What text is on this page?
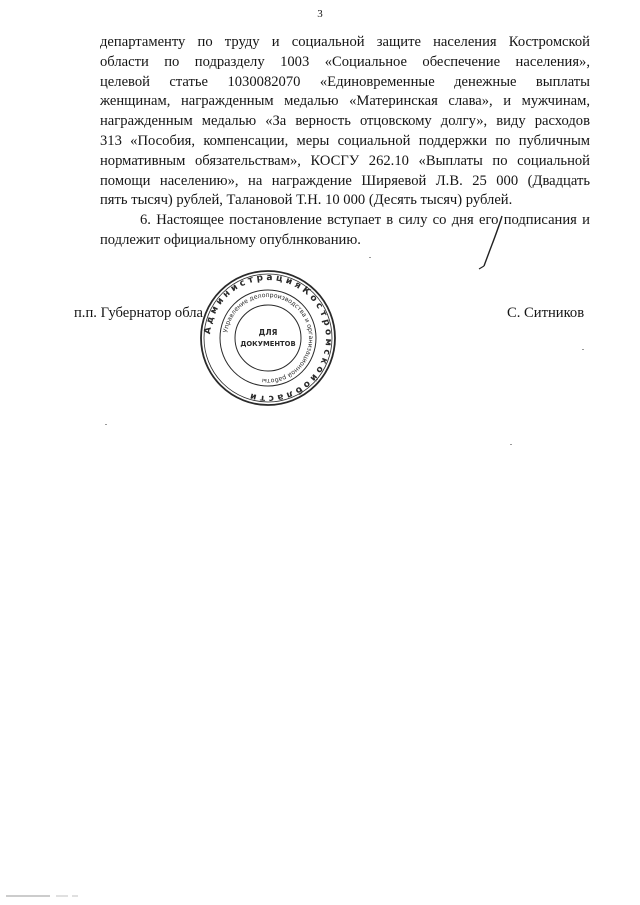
3
департаменту по труду и социальной защите населения Костромской
области по подразделу 1003 «Социальное обеспечение населения»,
целевой статье 1030082070 «Единовременные денежные выплаты
женщинам, награжденным медалью «Материнская слава», и мужчинам,
награжденным медалью «За верность отцовскому долгу», виду расходов
313 «Пособия, компенсации, меры социальной поддержки по публичным
нормативным обязательствам», КОСГУ 262.10 «Выплаты по социальной
помощи населению», на награждение Ширяевой Л.В. 25 000 (Двадцать
пять тысяч) рублей, Талановой Т.Н. 10 000 (Десять тысяч) рублей.
6. Настоящее постановление вступает в силу со дня его подписания и
подлежит официальному опублнкованию.
п.п. Губернатор обла	С. Ситников
А д м и н и с т р а ц и я К о с т р о м с к о й о б л а с т и
Управление делопроизводства и организационной работы
ДЛЯ
ДОКУМЕНТОВ
